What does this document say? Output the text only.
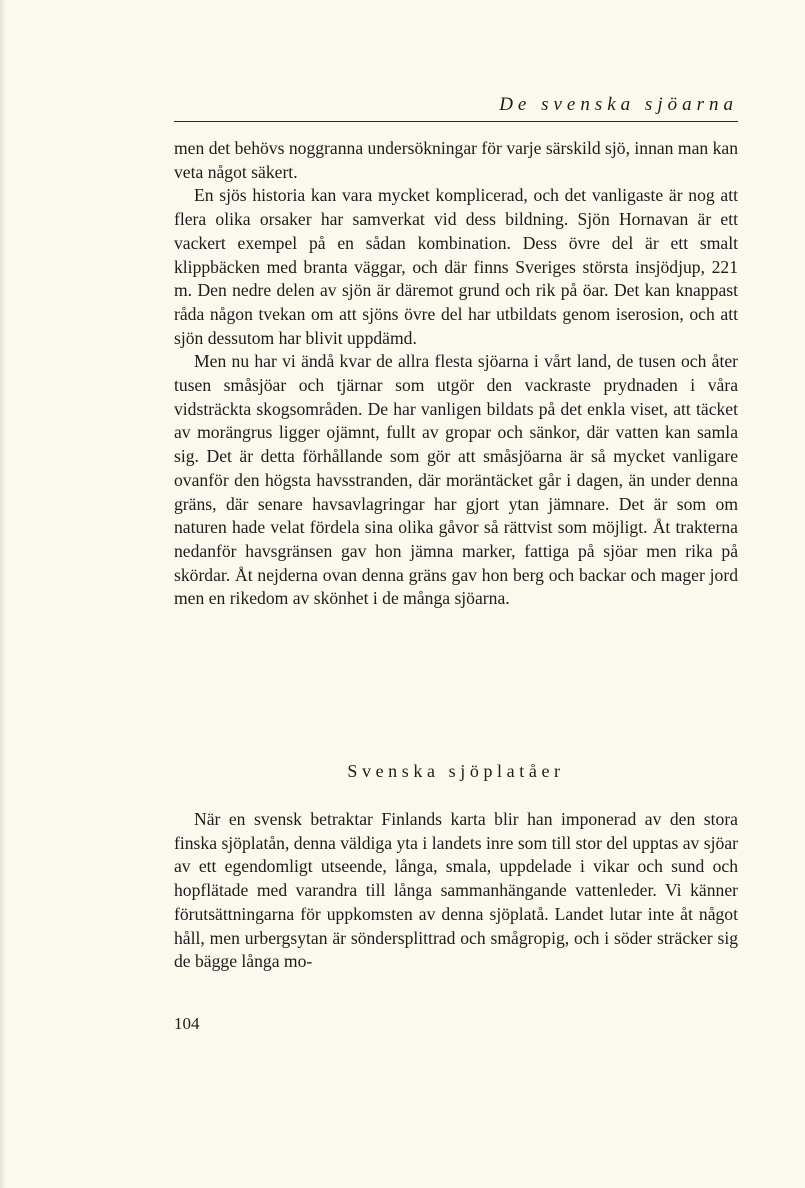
De svenska sjöarna

men det behövs noggranna undersökningar för varje särskild sjö, innan man kan veta något säkert.

En sjös historia kan vara mycket komplicerad, och det vanligaste är nog att flera olika orsaker har samverkat vid dess bildning. Sjön Hornavan är ett vackert exempel på en sådan kombination. Dess övre del är ett smalt klippbäcken med branta väggar, och där finns Sveriges största insjödjup, 221 m. Den nedre delen av sjön är däremot grund och rik på öar. Det kan knappast råda någon tvekan om att sjöns övre del har utbildats genom iserosion, och att sjön dessutom har blivit uppdämd.

Men nu har vi ändå kvar de allra flesta sjöarna i vårt land, de tusen och åter tusen småsjöar och tjärnar som utgör den vackraste prydnaden i våra vidsträckta skogsområden. De har vanligen bildats på det enkla viset, att täcket av morängrus ligger ojämnt, fullt av gropar och sänkor, där vatten kan samla sig. Det är detta förhållande som gör att småsjöarna är så mycket vanligare ovanför den högsta havsstranden, där moräntäcket går i dagen, än under denna gräns, där senare havsavlagringar har gjort ytan jämnare. Det är som om naturen hade velat fördela sina olika gåvor så rättvist som möjligt. Åt trakterna nedanför havsgränsen gav hon jämna marker, fattiga på sjöar men rika på skördar. Åt nejderna ovan denna gräns gav hon berg och backar och mager jord men en rikedom av skönhet i de många sjöarna.

Svenska sjöplatåer

När en svensk betraktar Finlands karta blir han imponerad av den stora finska sjöplatån, denna väldiga yta i landets inre som till stor del upptas av sjöar av ett egendomligt utseende, långa, smala, uppdelade i vikar och sund och hopflätade med varandra till långa sammanhängande vattenleder. Vi känner förutsättningarna för uppkomsten av denna sjöplatå. Landet lutar inte åt något håll, men urbergsytan är söndersplittrad och smågropig, och i söder sträcker sig de bägge långa mo-

104
